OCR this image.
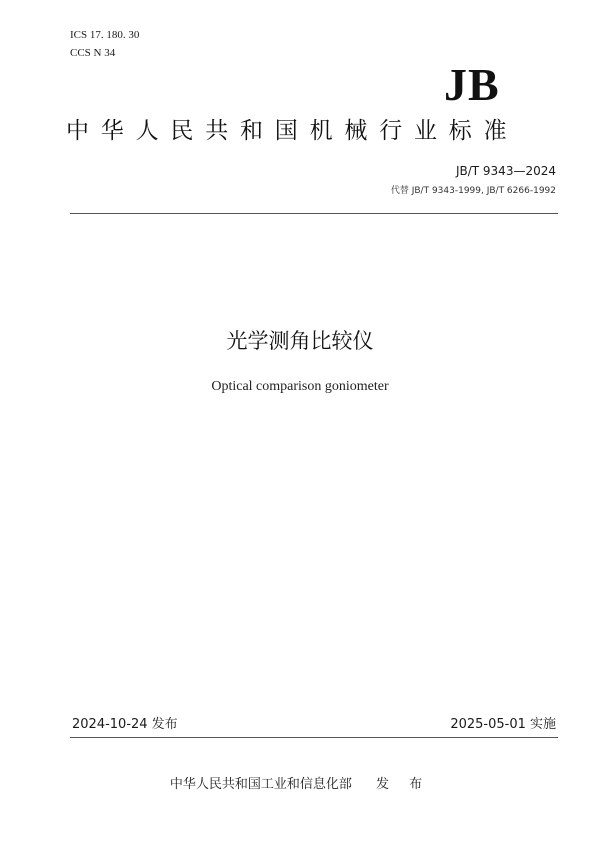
ICS 17. 180. 30
CCS N 34
JB
中华人民共和国机械行业标准
JB/T 9343—2024
代替 JB/T 9343-1999, JB/T 6266-1992
光学测角比较仪
Optical comparison goniometer
2024-10-24 发布	2025-05-01 实施
中华人民共和国工业和信息化部 发 布
